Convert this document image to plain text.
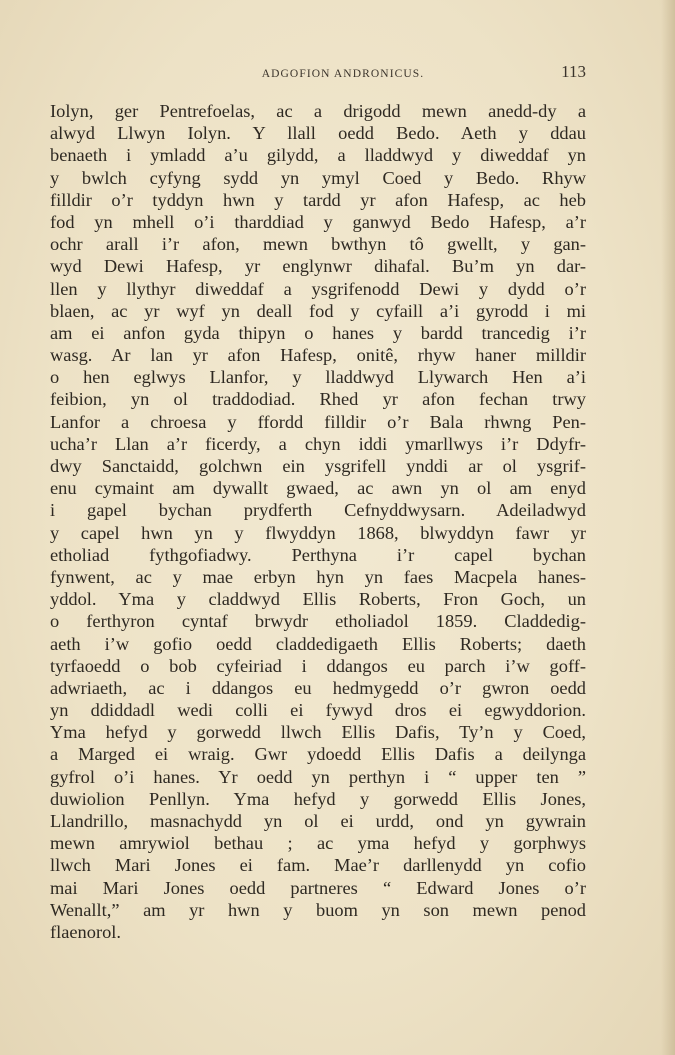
ADGOFION ANDRONICUS.	113
Iolyn, ger Pentrefoelas, ac a drigodd mewn anedd-dy a
alwyd Llwyn Iolyn. Y llall oedd Bedo. Aeth y ddau
benaeth i ymladd a’u gilydd, a lladdwyd y diweddaf yn
y bwlch cyfyng sydd yn ymyl Coed y Bedo. Rhyw
filldir o’r tyddyn hwn y tardd yr afon Hafesp, ac heb
fod yn mhell o’i tharddiad y ganwyd Bedo Hafesp, a’r
ochr arall i’r afon, mewn bwthyn tô gwellt, y gan-
wyd Dewi Hafesp, yr englynwr dihafal. Bu’m yn dar-
llen y llythyr diweddaf a ysgrifenodd Dewi y dydd o’r
blaen, ac yr wyf yn deall fod y cyfaill a’i gyrodd i mi
am ei anfon gyda thipyn o hanes y bardd trancedig i’r
wasg. Ar lan yr afon Hafesp, onitê, rhyw haner milldir
o hen eglwys Llanfor, y lladdwyd Llywarch Hen a’i
feibion, yn ol traddodiad. Rhed yr afon fechan trwy
Lanfor a chroesa y ffordd filldir o’r Bala rhwng Pen-
ucha’r Llan a’r ficerdy, a chyn iddi ymarllwys i’r Ddyfr-
dwy Sanctaidd, golchwn ein ysgrifell ynddi ar ol ysgrif-
enu cymaint am dywallt gwaed, ac awn yn ol am enyd
i gapel bychan prydferth Cefnyddwysarn. Adeiladwyd
y capel hwn yn y flwyddyn 1868, blwyddyn fawr yr
etholiad fythgofiadwy. Perthyna i’r capel bychan
fynwent, ac y mae erbyn hyn yn faes Macpela hanes-
yddol. Yma y claddwyd Ellis Roberts, Fron Goch, un
o ferthyron cyntaf brwydr etholiadol 1859. Claddedig-
aeth i’w gofio oedd claddedigaeth Ellis Roberts; daeth
tyrfaoedd o bob cyfeiriad i ddangos eu parch i’w goff-
adwriaeth, ac i ddangos eu hedmygedd o’r gwron oedd
yn ddiddadl wedi colli ei fywyd dros ei egwyddorion.
Yma hefyd y gorwedd llwch Ellis Dafis, Ty’n y Coed,
a Marged ei wraig. Gwr ydoedd Ellis Dafis a deilynga
gyfrol o’i hanes. Yr oedd yn perthyn i “ upper ten ”
duwiolion Penllyn. Yma hefyd y gorwedd Ellis Jones,
Llandrillo, masnachydd yn ol ei urdd, ond yn gywrain
mewn amrywiol bethau ; ac yma hefyd y gorphwys
llwch Mari Jones ei fam. Mae’r darllenydd yn cofio
mai Mari Jones oedd partneres “ Edward Jones o’r
Wenallt,” am yr hwn y buom yn son mewn penod
flaenorol.
